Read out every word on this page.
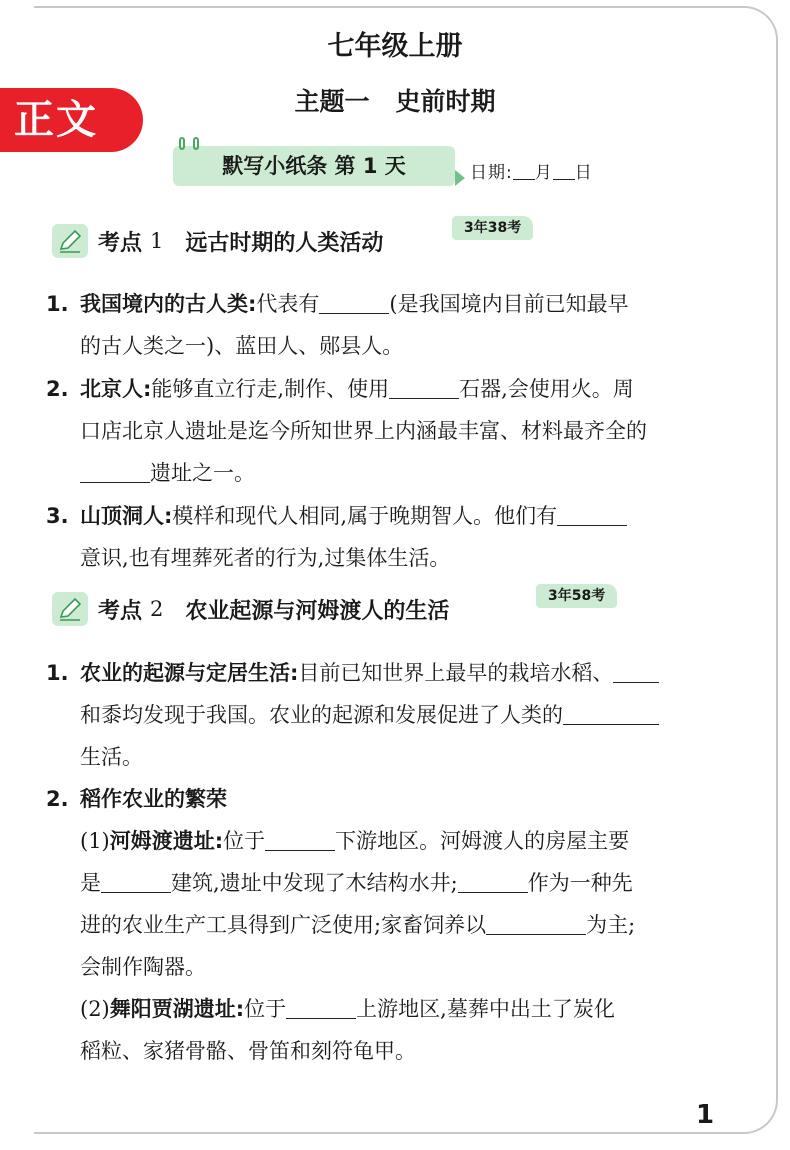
七年级上册
主题一 史前时期
正文
默写小纸条 第 1 天	日期: 月 日
考点 1 远古时期的人类活动
3年38考
1. 我国境内的古人类:代表有	(是我国境内目前已知最早
的古人类之一)、蓝田人、郧县人。
2. 北京人:能够直立行走,制作、使用	石器,会使用火。周
口店北京人遗址是迄今所知世界上内涵最丰富、材料最齐全的
遗址之一。
3. 山顶洞人:模样和现代人相同,属于晚期智人。他们有
意识,也有埋葬死者的行为,过集体生活。
考点 2 农业起源与河姆渡人的生活
3年58考
1. 农业的起源与定居生活:目前已知世界上最早的栽培水稻、
和黍均发现于我国。农业的起源和发展促进了人类的
生活。
2. 稻作农业的繁荣
(1)河姆渡遗址:位于	下游地区。河姆渡人的房屋主要
是	建筑,遗址中发现了木结构水井;	作为一种先
进的农业生产工具得到广泛使用;家畜饲养以	为主;
会制作陶器。
(2)舞阳贾湖遗址:位于	上游地区,墓葬中出土了炭化
稻粒、家猪骨骼、骨笛和刻符龟甲。
1
